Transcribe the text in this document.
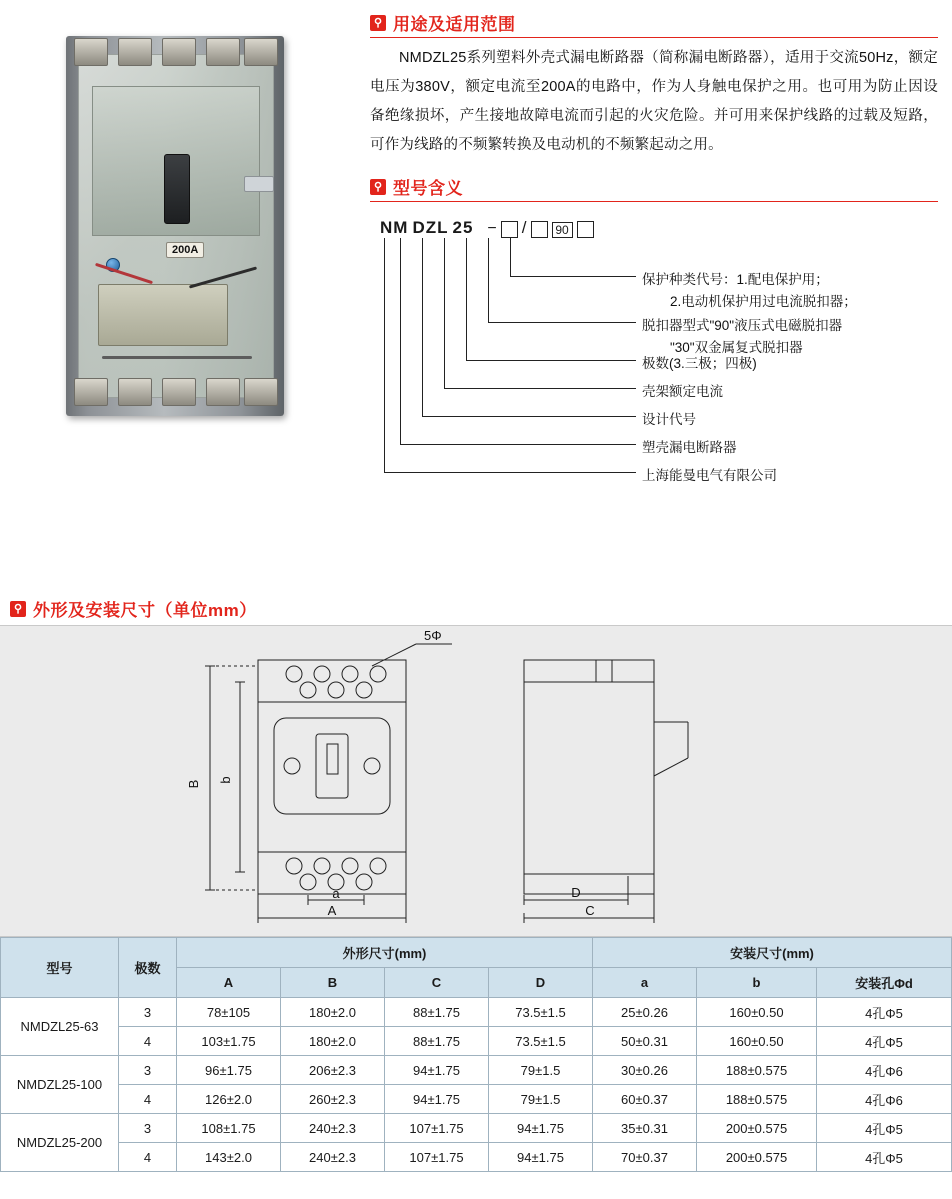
200A
⚲ 用途及适用范围

NMDZL25系列塑料外壳式漏电断路器（简称漏电断路器），适用于交流50Hz，额定电压为380V，额定电流至200A的电路中，作为人身触电保护之用。也可用为防止因设备绝缘损坏，产生接地故障电流而引起的火灾危险。并可用来保护线路的过载及短路，可作为线路的不频繁转换及电动机的不频繁起动之用。

⚲ 型号含义
NM DZL 25 − /	90
保护种类代号：1.配电保护用；
2.电动机保护用过电流脱扣器；
脱扣器型式"90"液压式电磁脱扣器
"30"双金属复式脱扣器
极数(3.三极；四极)
壳架额定电流
设计代号
塑壳漏电断路器
上海能曼电气有限公司
⚲ 外形及安装尺寸（单位mm）
5Φ
B b
a
A
D
C
型号	极数	外形尺寸(mm)				安装尺寸(mm)		
		A	B	C	D	a	b	安装孔Φd
NMDZL25-63	3	78±105	180±2.0	88±1.75	73.5±1.5	25±0.26	160±0.50	4孔Φ5
	4	103±1.75	180±2.0	88±1.75	73.5±1.5	50±0.31	160±0.50	4孔Φ5
NMDZL25-100	3	96±1.75	206±2.3	94±1.75	79±1.5	30±0.26	188±0.575	4孔Φ6
	4	126±2.0	260±2.3	94±1.75	79±1.5	60±0.37	188±0.575	4孔Φ6
NMDZL25-200	3	108±1.75	240±2.3	107±1.75	94±1.75	35±0.31	200±0.575	4孔Φ5
	4	143±2.0	240±2.3	107±1.75	94±1.75	70±0.37	200±0.575	4孔Φ5
